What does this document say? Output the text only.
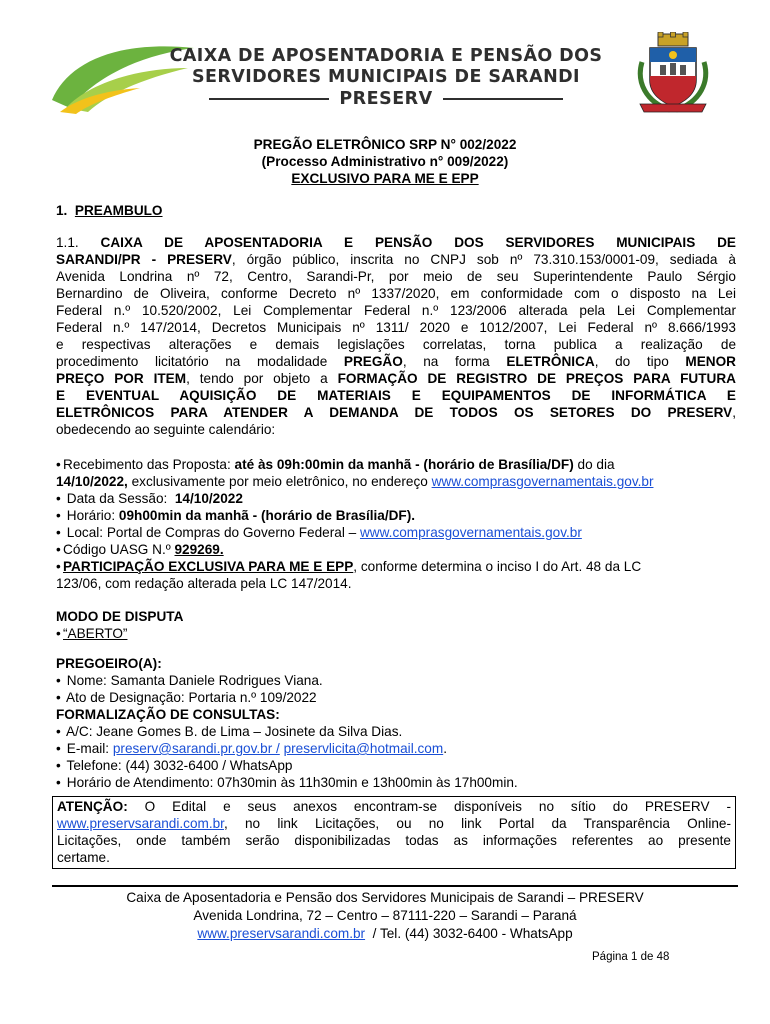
CAIXA DE APOSENTADORIA E PENSÃO DOS
SERVIDORES MUNICIPAIS DE SARANDI
PRESERV
PREGÃO ELETRÔNICO SRP N° 002/2022
(Processo Administrativo n° 009/2022)
EXCLUSIVO PARA ME E EPP
1. PREAMBULO
1.1. CAIXA DE APOSENTADORIA E PENSÃO DOS SERVIDORES MUNICIPAIS DE
SARANDI/PR - PRESERV, órgão público, inscrita no CNPJ sob nº 73.310.153/0001-09, sediada à
Avenida Londrina nº 72, Centro, Sarandi-Pr, por meio de seu Superintendente Paulo Sérgio
Bernardino de Oliveira, conforme Decreto nº 1337/2020, em conformidade com o disposto na Lei
Federal n.º 10.520/2002, Lei Complementar Federal n.º 123/2006 alterada pela Lei Complementar
Federal n.º 147/2014, Decretos Municipais nº 1311/ 2020 e 1012/2007, Lei Federal nº 8.666/1993
e respectivas alterações e demais legislações correlatas, torna publica a realização de
procedimento licitatório na modalidade PREGÃO, na forma ELETRÔNICA, do tipo MENOR
PREÇO POR ITEM, tendo por objeto a FORMAÇÃO DE REGISTRO DE PREÇOS PARA FUTURA
E EVENTUAL AQUISIÇÃO DE MATERIAIS E EQUIPAMENTOS DE INFORMÁTICA E
ELETRÔNICOS PARA ATENDER A DEMANDA DE TODOS OS SETORES DO PRESERV,
obedecendo ao seguinte calendário:
• Recebimento das Proposta: até às 09h:00min da manhã - (horário de Brasília/DF) do dia
14/10/2022, exclusivamente por meio eletrônico, no endereço www.comprasgovernamentais.gov.br
• Data da Sessão: 14/10/2022
• Horário: 09h00min da manhã - (horário de Brasília/DF).
• Local: Portal de Compras do Governo Federal – www.comprasgovernamentais.gov.br
• Código UASG N.º 929269.
• PARTICIPAÇÃO EXCLUSIVA PARA ME E EPP, conforme determina o inciso I do Art. 48 da LC
123/06, com redação alterada pela LC 147/2014.
MODO DE DISPUTA
• “ABERTO”
PREGOEIRO(A):
• Nome: Samanta Daniele Rodrigues Viana.
• Ato de Designação: Portaria n.º 109/2022
FORMALIZAÇÃO DE CONSULTAS:
• A/C: Jeane Gomes B. de Lima – Josinete da Silva Dias.
• E-mail: preserv@sarandi.pr.gov.br / preservlicita@hotmail.com.
• Telefone: (44) 3032-6400 / WhatsApp
• Horário de Atendimento: 07h30min às 11h30min e 13h00min às 17h00min.
ATENÇÃO: O Edital e seus anexos encontram-se disponíveis no sítio do PRESERV -
www.preservsarandi.com.br, no link Licitações, ou no link Portal da Transparência Online-
Licitações, onde também serão disponibilizadas todas as informações referentes ao presente
certame.
Caixa de Aposentadoria e Pensão dos Servidores Municipais de Sarandi – PRESERV
Avenida Londrina, 72 – Centro – 87111-220 – Sarandi – Paraná
www.preservsarandi.com.br / Tel. (44) 3032-6400 - WhatsApp
Página 1 de 48
